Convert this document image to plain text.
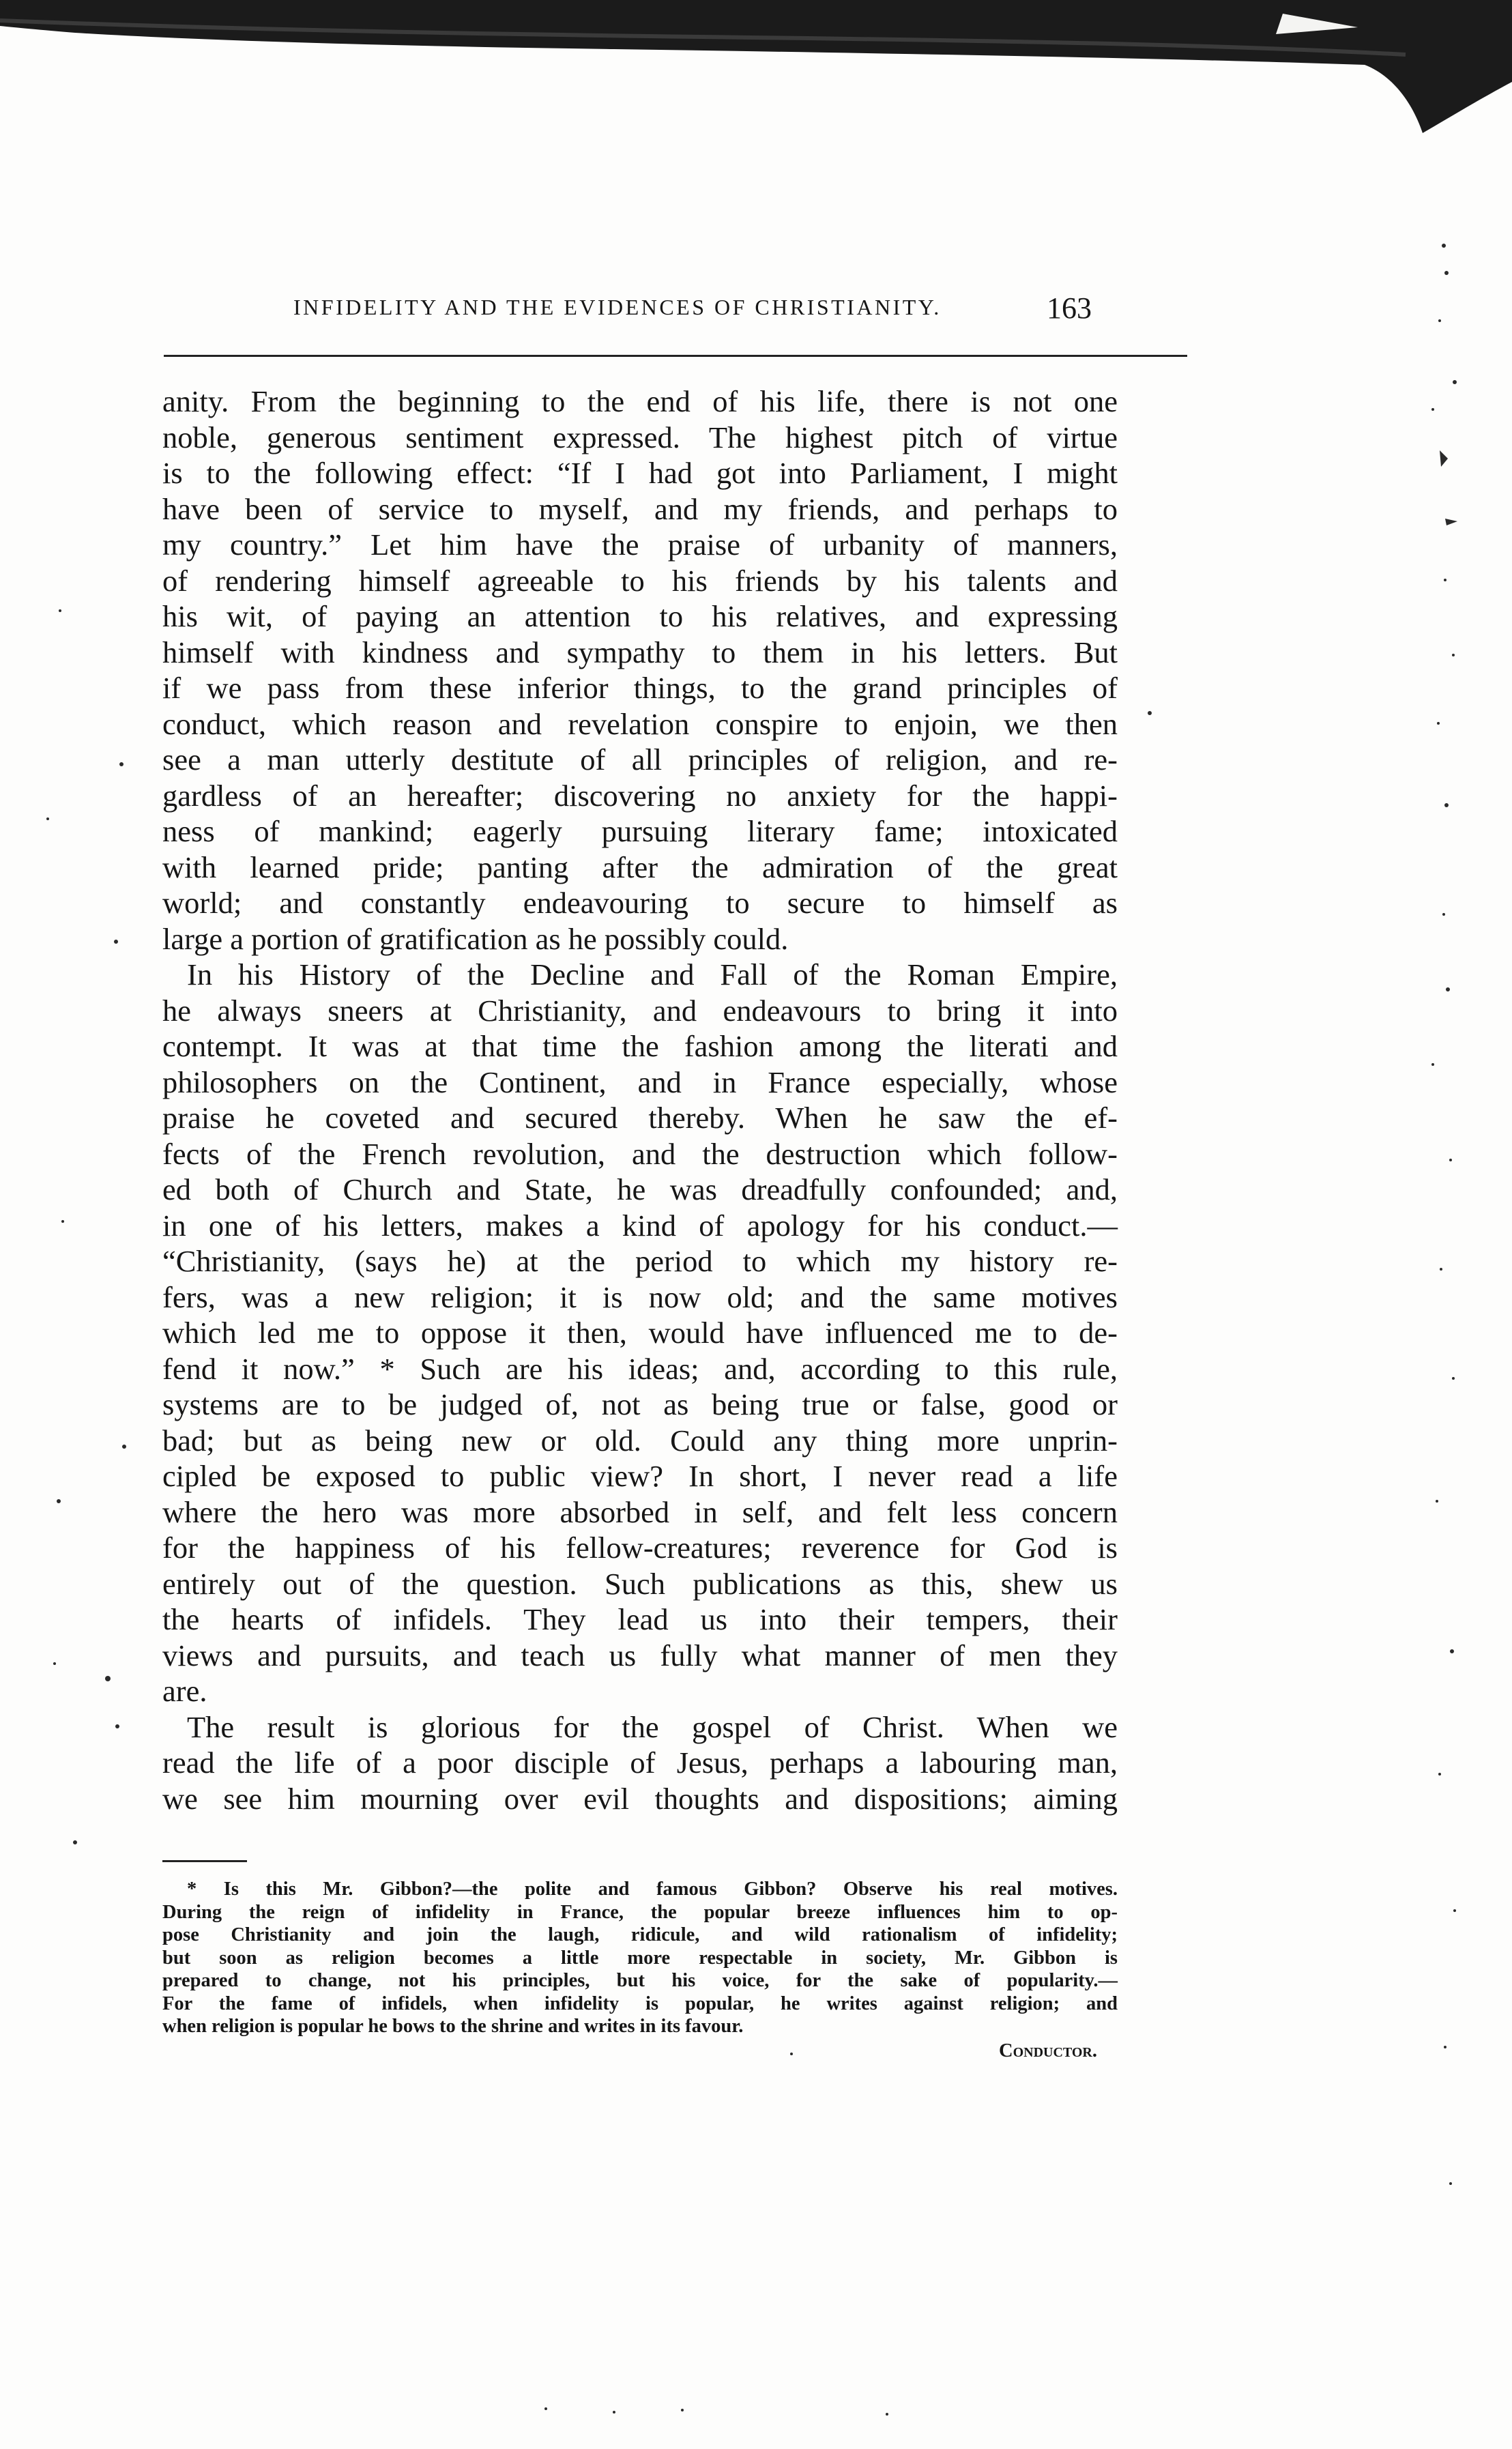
INFIDELITY AND THE EVIDENCES OF CHRISTIANITY.	163
anity. From the beginning to the end of his life, there is not one
noble, generous sentiment expressed. The highest pitch of virtue
is to the following effect: “If I had got into Parliament, I might
have been of service to myself, and my friends, and perhaps to
my country.” Let him have the praise of urbanity of manners,
of rendering himself agreeable to his friends by his talents and
his wit, of paying an attention to his relatives, and expressing
himself with kindness and sympathy to them in his letters. But
if we pass from these inferior things, to the grand principles of
conduct, which reason and revelation conspire to enjoin, we then
see a man utterly destitute of all principles of religion, and re-
gardless of an hereafter; discovering no anxiety for the happi-
ness of mankind; eagerly pursuing literary fame; intoxicated
with learned pride; panting after the admiration of the great
world; and constantly endeavouring to secure to himself as
large a portion of gratification as he possibly could.
In his History of the Decline and Fall of the Roman Empire,
he always sneers at Christianity, and endeavours to bring it into
contempt. It was at that time the fashion among the literati and
philosophers on the Continent, and in France especially, whose
praise he coveted and secured thereby. When he saw the ef-
fects of the French revolution, and the destruction which follow-
ed both of Church and State, he was dreadfully confounded; and,
in one of his letters, makes a kind of apology for his conduct.—
“Christianity, (says he) at the period to which my history re-
fers, was a new religion; it is now old; and the same motives
which led me to oppose it then, would have influenced me to de-
fend it now.” * Such are his ideas; and, according to this rule,
systems are to be judged of, not as being true or false, good or
bad; but as being new or old. Could any thing more unprin-
cipled be exposed to public view? In short, I never read a life
where the hero was more absorbed in self, and felt less concern
for the happiness of his fellow-creatures; reverence for God is
entirely out of the question. Such publications as this, shew us
the hearts of infidels. They lead us into their tempers, their
views and pursuits, and teach us fully what manner of men they
are.
The result is glorious for the gospel of Christ. When we
read the life of a poor disciple of Jesus, perhaps a labouring man,
we see him mourning over evil thoughts and dispositions; aiming
* Is this Mr. Gibbon?—the polite and famous Gibbon? Observe his real motives.
During the reign of infidelity in France, the popular breeze influences him to op-
pose Christianity and join the laugh, ridicule, and wild rationalism of infidelity;
but soon as religion becomes a little more respectable in society, Mr. Gibbon is
prepared to change, not his principles, but his voice, for the sake of popularity.—
For the fame of infidels, when infidelity is popular, he writes against religion; and
when religion is popular he bows to the shrine and writes in its favour.
Conductor.
